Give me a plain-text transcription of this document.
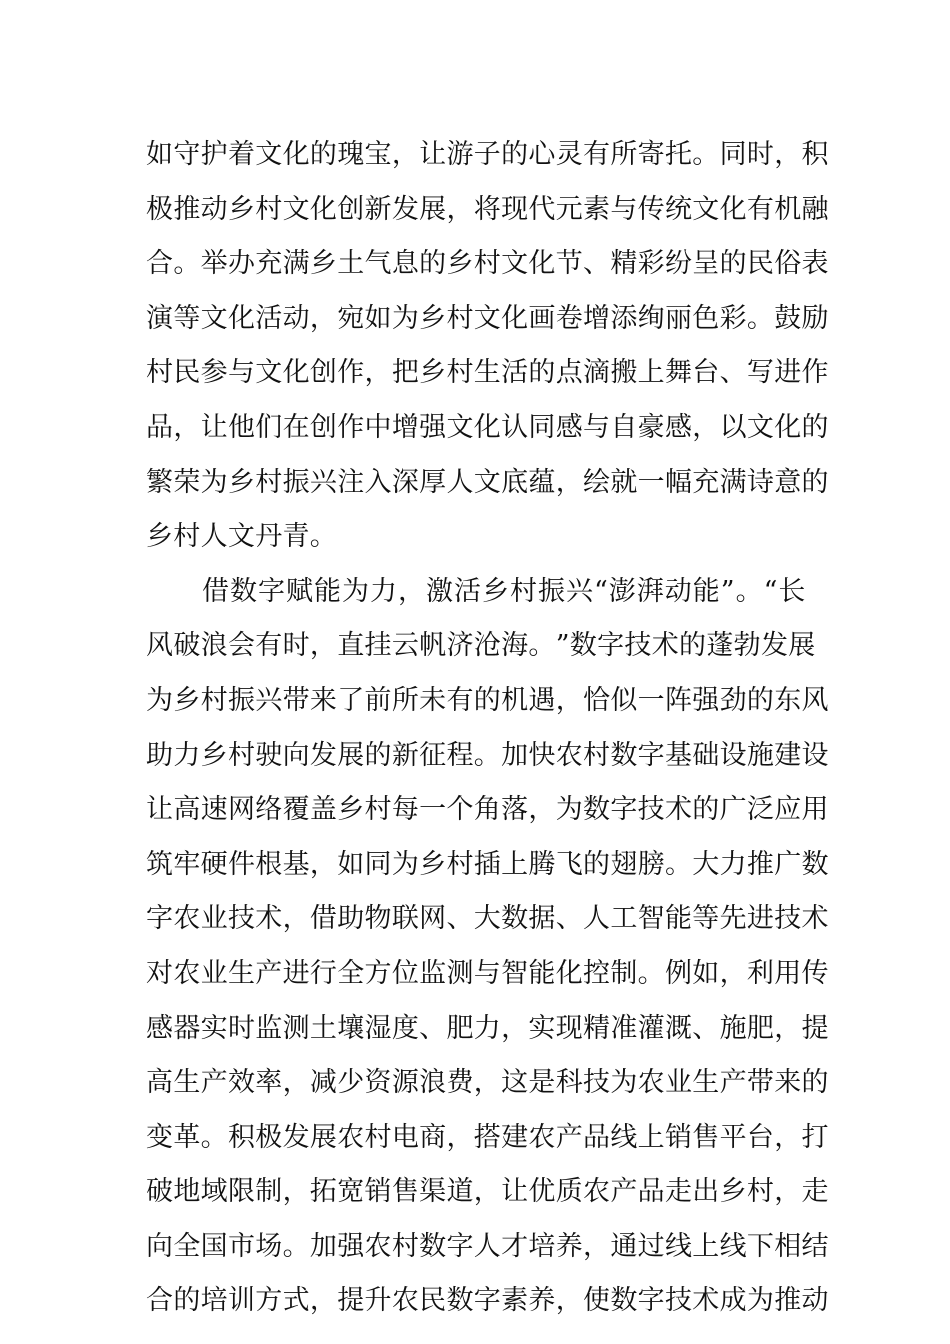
如 守 护 着 文 化 的 瑰 宝 ， 让 游 子 的 心 灵 有 所 寄 托 。 同 时 ， 积
极 推 动 乡 村 文 化 创 新 发 展 ， 将 现 代 元 素 与 传 统 文 化 有 机 融
合 。 举 办 充 满 乡 土 气 息 的 乡 村 文 化 节 、 精 彩 纷 呈 的 民 俗 表
演 等 文 化 活 动 ， 宛 如 为 乡 村 文 化 画 卷 增 添 绚 丽 色 彩 。 鼓 励
村 民 参 与 文 化 创 作 ， 把 乡 村 生 活 的 点 滴 搬 上 舞 台 、 写 进 作
品 ， 让 他 们 在 创 作 中 增 强 文 化 认 同 感 与 自 豪 感 ， 以 文 化 的
繁 荣 为 乡 村 振 兴 注 入 深 厚 人 文 底 蕴 ， 绘 就 一 幅 充 满 诗 意 的
乡村人文丹青。
借 数 字 赋 能 为 力 ， 激 活 乡 村 振 兴 “ 澎 湃 动 能 ” 。 “ 长
风 破 浪 会 有 时 ， 直 挂 云 帆 济 沧 海 。 ” 数 字 技 术 的 蓬 勃 发 展
为 乡 村 振 兴 带 来 了 前 所 未 有 的 机 遇 ， 恰 似 一 阵 强 劲 的 东 风
助 力 乡 村 驶 向 发 展 的 新 征 程 。 加 快 农 村 数 字 基 础 设 施 建 设
让 高 速 网 络 覆 盖 乡 村 每 一 个 角 落 ， 为 数 字 技 术 的 广 泛 应 用
筑 牢 硬 件 根 基 ， 如 同 为 乡 村 插 上 腾 飞 的 翅 膀 。 大 力 推 广 数
字 农 业 技 术 ， 借 助 物 联 网 、 大 数 据 、 人 工 智 能 等 先 进 技 术
对 农 业 生 产 进 行 全 方 位 监 测 与 智 能 化 控 制 。 例 如 ， 利 用 传
感 器 实 时 监 测 土 壤 湿 度 、 肥 力 ， 实 现 精 准 灌 溉 、 施 肥 ， 提
高 生 产 效 率 ， 减 少 资 源 浪 费 ， 这 是 科 技 为 农 业 生 产 带 来 的
变 革 。 积 极 发 展 农 村 电 商 ， 搭 建 农 产 品 线 上 销 售 平 台 ， 打
破 地 域 限 制 ， 拓 宽 销 售 渠 道 ， 让 优 质 农 产 品 走 出 乡 村 ， 走
向 全 国 市 场 。 加 强 农 村 数 字 人 才 培 养 ， 通 过 线 上 线 下 相 结
合 的 培 训 方 式 ， 提 升 农 民 数 字 素 养 ， 使 数 字 技 术 成 为 推 动
